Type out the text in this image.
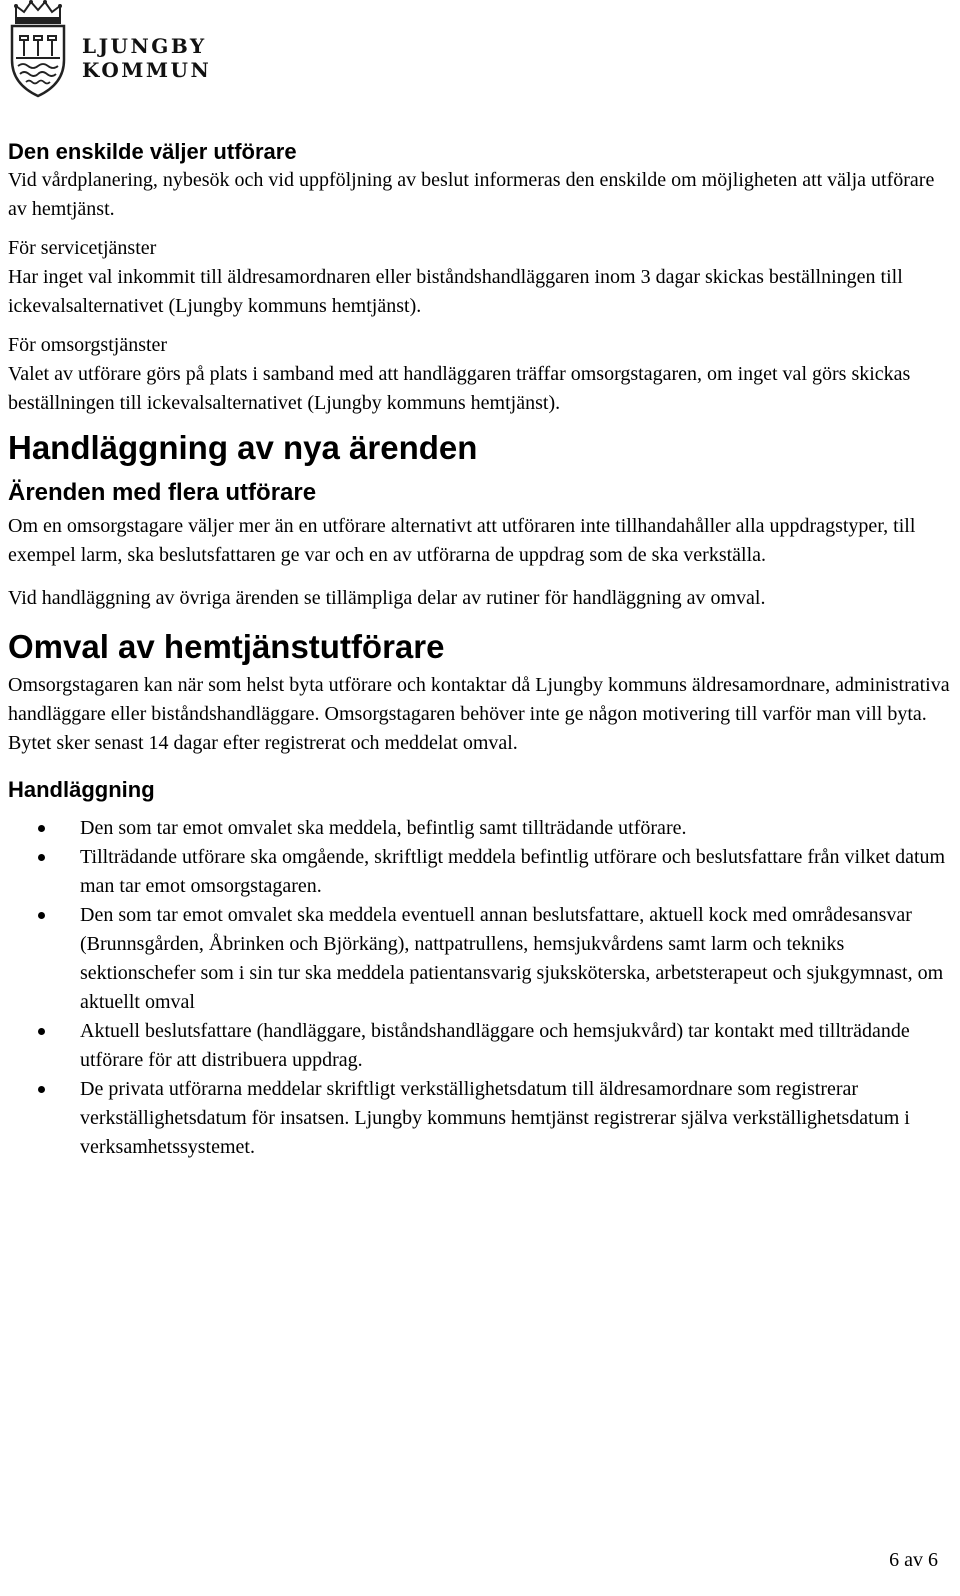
LJUNGBY
KOMMUN
Den enskilde väljer utförare

Vid vårdplanering, nybesök och vid uppföljning av beslut informeras den enskilde om möjligheten att välja utförare av hemtjänst.

För servicetjänster

Har inget val inkommit till äldresamordnaren eller biståndshandläggaren inom 3 dagar skickas beställningen till ickevalsalternativet (Ljungby kommuns hemtjänst).

För omsorgstjänster

Valet av utförare görs på plats i samband med att handläggaren träffar omsorgstagaren, om inget val görs skickas beställningen till ickevalsalternativet (Ljungby kommuns hemtjänst).

Handläggning av nya ärenden
Ärenden med flera utförare

Om en omsorgstagare väljer mer än en utförare alternativt att utföraren inte tillhandahåller alla uppdragstyper, till exempel larm, ska beslutsfattaren ge var och en av utförarna de uppdrag som de ska verkställa.

Vid handläggning av övriga ärenden se tillämpliga delar av rutiner för handläggning av omval.

Omval av hemtjänstutförare

Omsorgstagaren kan när som helst byta utförare och kontaktar då Ljungby kommuns äldresamordnare, administrativa handläggare eller biståndshandläggare. Omsorgstagaren behöver inte ge någon motivering till varför man vill byta. Bytet sker senast 14 dagar efter registrerat och meddelat omval.

Handläggning
Den som tar emot omvalet ska meddela, befintlig samt tillträdande utförare.
Tillträdande utförare ska omgående, skriftligt meddela befintlig utförare och beslutsfattare från vilket datum man tar emot omsorgstagaren.
Den som tar emot omvalet ska meddela eventuell annan beslutsfattare, aktuell kock med områdesansvar (Brunnsgården, Åbrinken och Björkäng), nattpatrullens, hemsjukvårdens samt larm och tekniks sektionschefer som i sin tur ska meddela patientansvarig sjuksköterska, arbetsterapeut och sjukgymnast, om aktuellt omval
Aktuell beslutsfattare (handläggare, biståndshandläggare och hemsjukvård) tar kontakt med tillträdande utförare för att distribuera uppdrag.
De privata utförarna meddelar skriftligt verkställighetsdatum till äldresamordnare som registrerar verkställighetsdatum för insatsen. Ljungby kommuns hemtjänst registrerar själva verkställighetsdatum i verksamhetssystemet.
6 av 6
